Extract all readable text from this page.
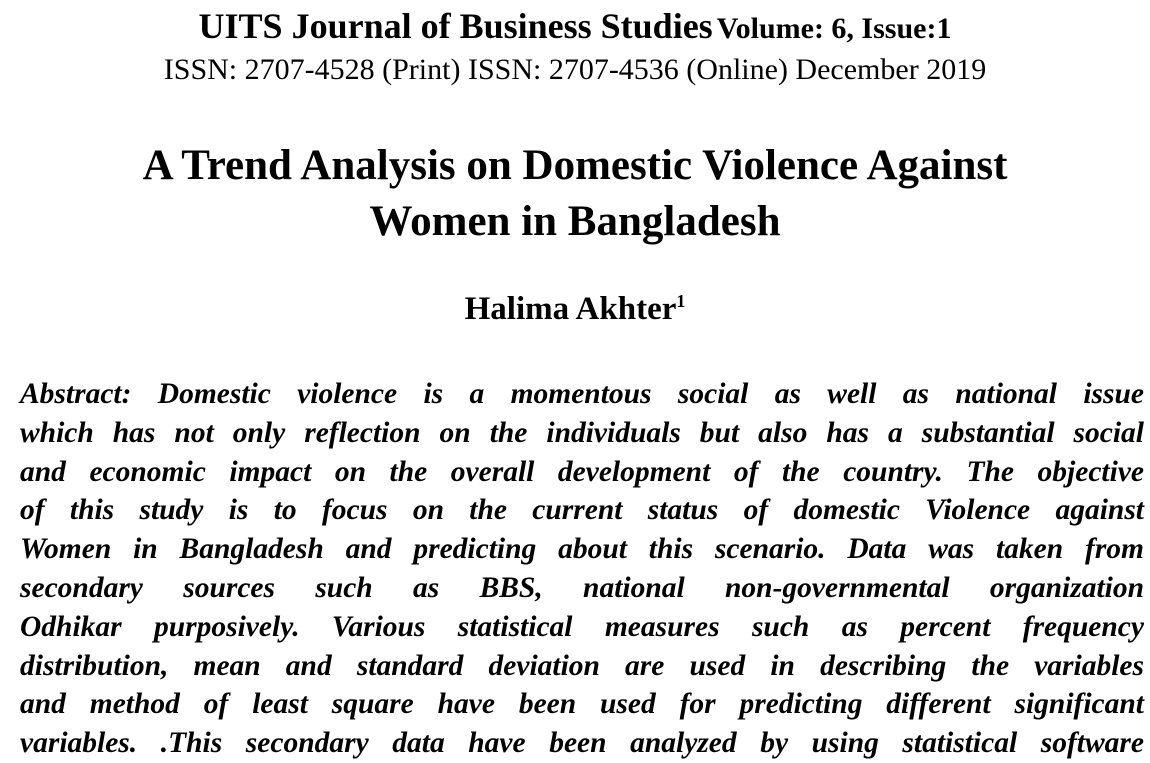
UITS Journal of Business Studies Volume: 6, Issue:1
ISSN: 2707-4528 (Print) ISSN: 2707-4536 (Online) December 2019
A Trend Analysis on Domestic Violence Against
Women in Bangladesh
Halima Akhter$^1$
Abstract: Domestic violence is a momentous social as well as national issue
which has not only reflection on the individuals but also has a substantial social
and economic impact on the overall development of the country. The objective
of this study is to focus on the current status of domestic Violence against
Women in Bangladesh and predicting about this scenario. Data was taken from
secondary sources such as BBS, national non-governmental organization
Odhikar purposively. Various statistical measures such as percent frequency
distribution, mean and standard deviation are used in describing the variables
and method of least square have been used for predicting different significant
variables. .This secondary data have been analyzed by using statistical software
